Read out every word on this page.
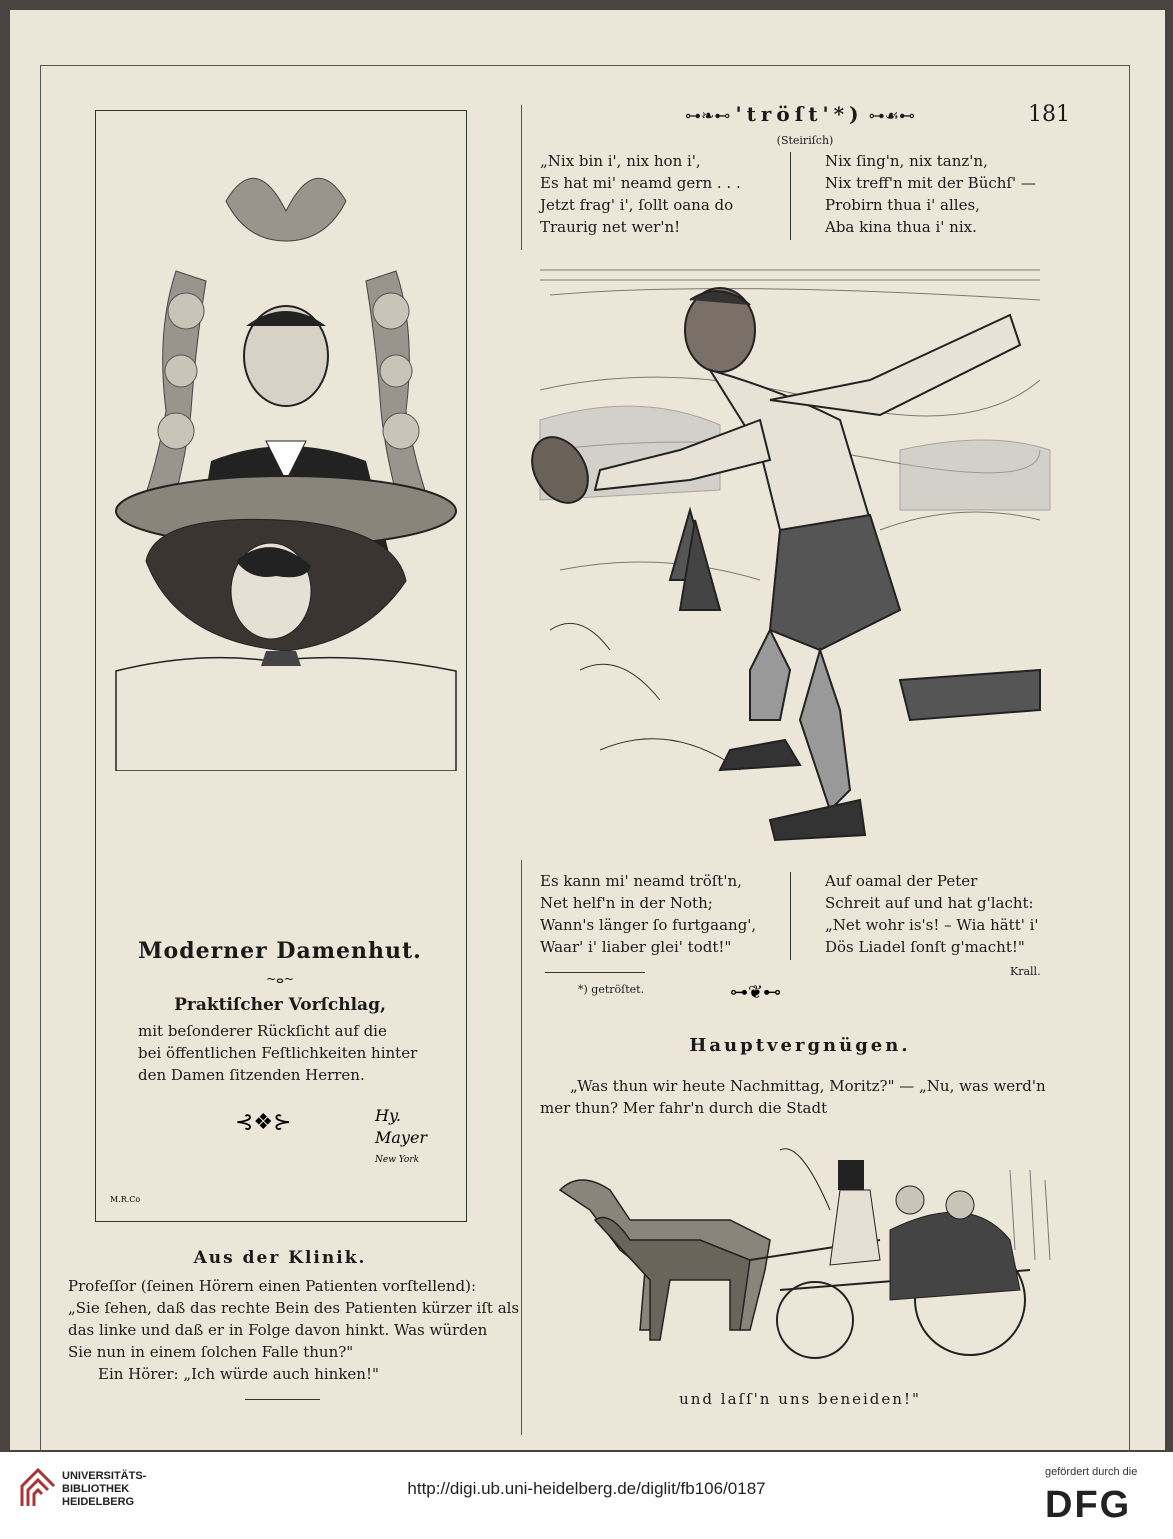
⊶❧⊷ 'tröſt'*) ⊶☙⊷
(Steiriſch)
181
„Nix bin i', nix hon i',
Es hat mi' neamd gern . . .
Jetzt frag' i', ſollt oana do
Traurig net wer'n!
Nix ſing'n, nix tanz'n,
Nix treff'n mit der Büchſ' —
Probirn thua i' alles,
Aba kina thua i' nix.
Es kann mi' neamd tröſt'n,
Net helf'n in der Noth;
Wann's länger ſo furtgaang',
Waar' i' liaber glei' todt!"
Auf oamal der Peter
Schreit auf und hat g'lacht:
„Net wohr is's! – Wia hätt' i'
Dös Liadel ſonſt g'macht!"
Krall.
*) getröſtet.	⊶❦⊷
Moderner Damenhut.
~ⴰ~
Praktiſcher Vorſchlag,
mit beſonderer Rückſicht auf die
bei öffentlichen Feſtlichkeiten hinter
den Damen ſitzenden Herren.
⊰❖⊱	Hy.
Mayer
New York
M.R.Co
Aus der Klinik.
Profeſſor (ſeinen Hörern einen Patienten vorſtellend):
„Sie ſehen, daß das rechte Bein des Patienten kürzer iſt als
das linke und daß er in Folge davon hinkt. Was würden
Sie nun in einem ſolchen Falle thun?"
Ein Hörer: „Ich würde auch hinken!"
Hauptvergnügen.
„Was thun wir heute Nachmittag, Moritz?" — „Nu, was werd'n
mer thun? Mer fahr'n durch die Stadt
und laſſ'n uns beneiden!"
UNIVERSITÄTS-
BIBLIOTHEK
HEIDELBERG
http://digi.ub.uni-heidelberg.de/diglit/fb106/0187
gefördert durch die
DFG
